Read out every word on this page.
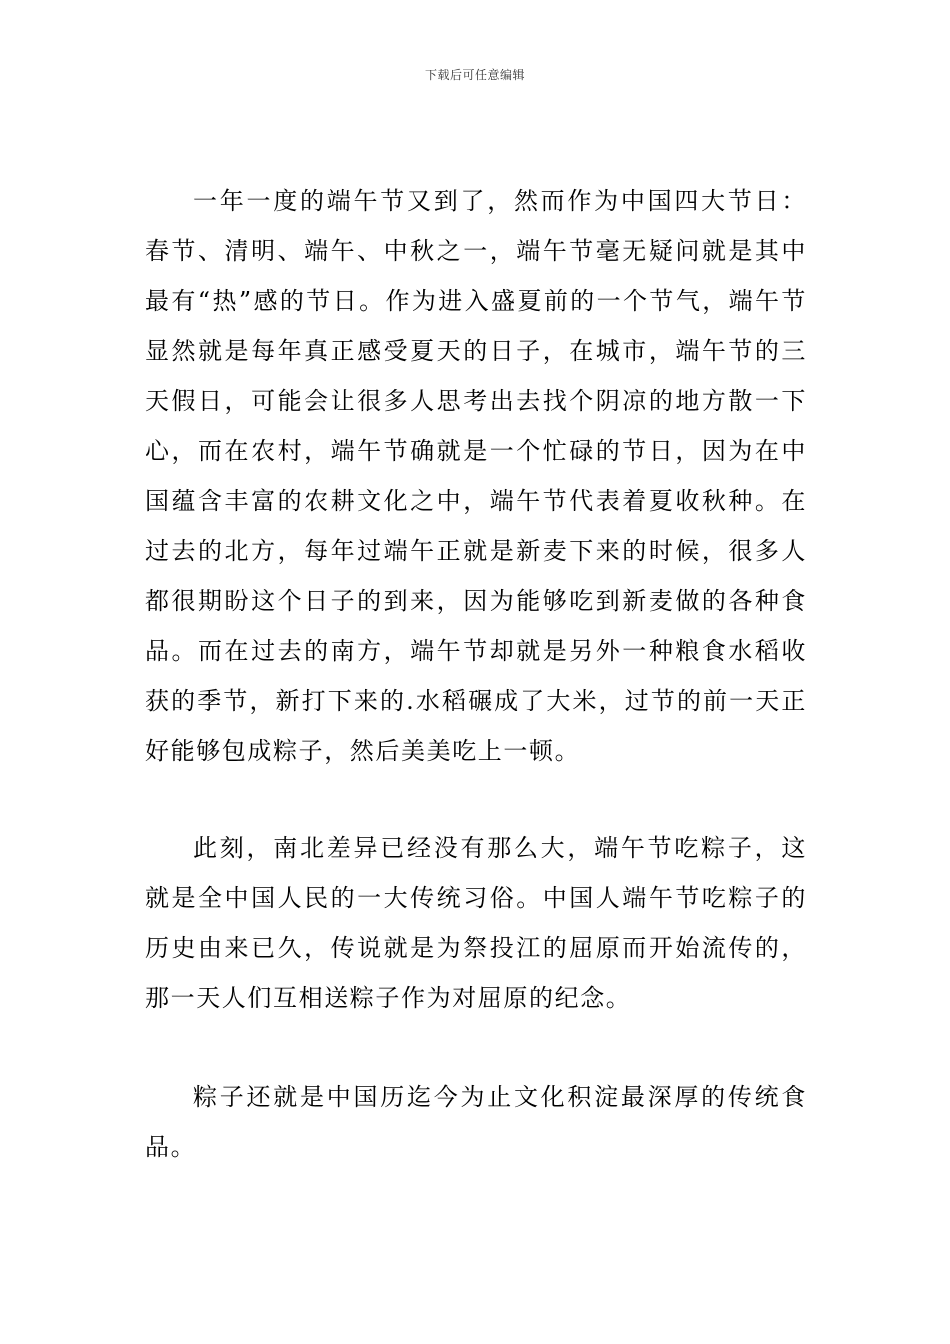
下载后可任意编辑

一年一度的端午节又到了，然而作为中国四大节日：春节、清明、端午、中秋之一，端午节毫无疑问就是其中最有“热”感的节日。作为进入盛夏前的一个节气，端午节显然就是每年真正感受夏天的日子，在城市，端午节的三天假日，可能会让很多人思考出去找个阴凉的地方散一下心，而在农村，端午节确就是一个忙碌的节日，因为在中国蕴含丰富的农耕文化之中，端午节代表着夏收秋种。在过去的北方，每年过端午正就是新麦下来的时候，很多人都很期盼这个日子的到来，因为能够吃到新麦做的各种食品。而在过去的南方，端午节却就是另外一种粮食水稻收获的季节，新打下来的.水稻碾成了大米，过节的前一天正好能够包成粽子，然后美美吃上一顿。

此刻，南北差异已经没有那么大，端午节吃粽子，这就是全中国人民的一大传统习俗。中国人端午节吃粽子的历史由来已久，传说就是为祭投江的屈原而开始流传的，那一天人们互相送粽子作为对屈原的纪念。

粽子还就是中国历迄今为止文化积淀最深厚的传统食品。
